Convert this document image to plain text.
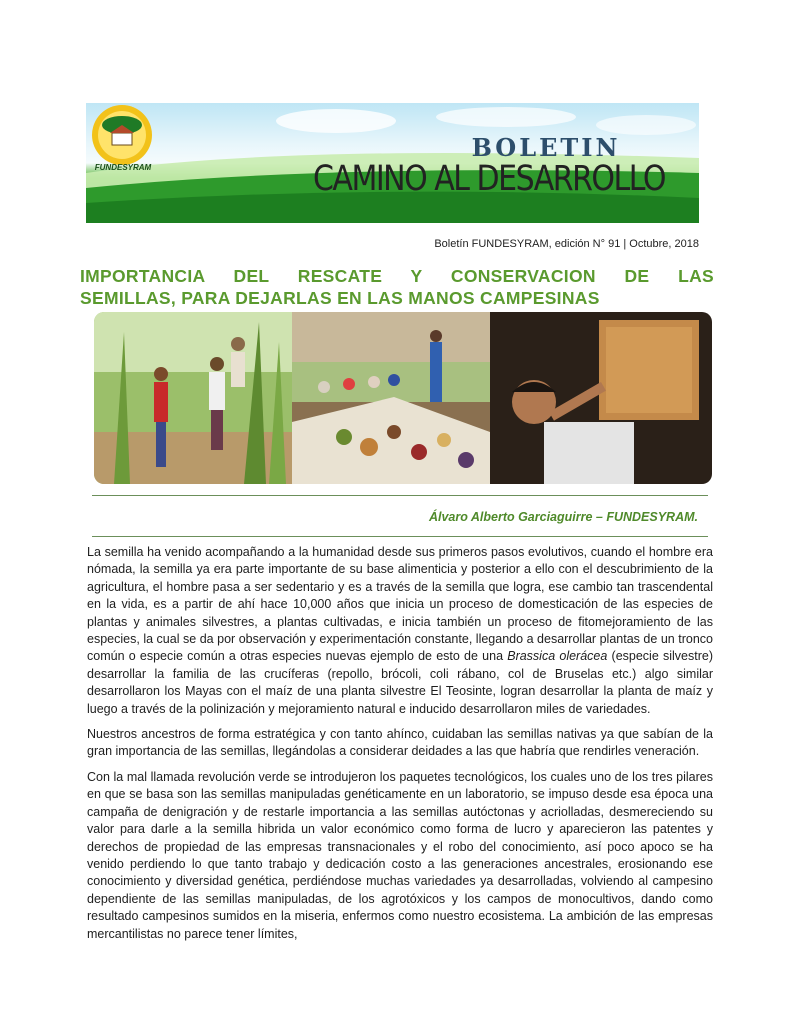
FUNDESYRAM
BOLETIN
CAMINO AL DESARROLLO
Boletín FUNDESYRAM, edición N° 91 | Octubre, 2018
IMPORTANCIA DEL RESCATE Y CONSERVACION DE LAS
SEMILLAS, PARA DEJARLAS EN LAS MANOS CAMPESINAS
Álvaro Alberto Garciaguirre – FUNDESYRAM.

La semilla ha venido acompañando a la humanidad desde sus primeros pasos evolutivos, cuando el hombre era nómada, la semilla ya era parte importante de su base alimenticia y posterior a ello con el descubrimiento de la agricultura, el hombre pasa a ser sedentario y es a través de la semilla que logra, ese cambio tan trascendental en la vida, es a partir de ahí hace 10,000 años que inicia un proceso de domesticación de las especies de plantas y animales silvestres, a plantas cultivadas, e inicia también un proceso de fitomejoramiento de las especies, la cual se da por observación y experimentación constante, llegando a desarrollar plantas de un tronco común o especie común a otras especies nuevas ejemplo de esto de una Brassica olerácea (especie silvestre) desarrollar la familia de las crucíferas (repollo, brócoli, coli rábano, col de Bruselas etc.) algo similar desarrollaron los Mayas con el maíz de una planta silvestre El Teosinte, logran desarrollar la planta de maíz y luego a través de la polinización y mejoramiento natural e inducido desarrollaron miles de variedades.

Nuestros ancestros de forma estratégica y con tanto ahínco, cuidaban las semillas nativas ya que sabían de la gran importancia de las semillas, llegándolas a considerar deidades a las que habría que rendirles veneración.

Con la mal llamada revolución verde se introdujeron los paquetes tecnológicos, los cuales uno de los tres pilares en que se basa son las semillas manipuladas genéticamente en un laboratorio, se impuso desde esa época una campaña de denigración y de restarle importancia a las semillas autóctonas y acriolladas, desmereciendo su valor para darle a la semilla hibrida un valor económico como forma de lucro y aparecieron las patentes y derechos de propiedad de las empresas transnacionales y el robo del conocimiento, así poco apoco se ha venido perdiendo lo que tanto trabajo y dedicación costo a las generaciones ancestrales, erosionando ese conocimiento y diversidad genética, perdiéndose muchas variedades ya desarrolladas, volviendo al campesino dependiente de las semillas manipuladas, de los agrotóxicos y los campos de monocultivos, dando como resultado campesinos sumidos en la miseria, enfermos como nuestro ecosistema. La ambición de las empresas mercantilistas no parece tener límites,
